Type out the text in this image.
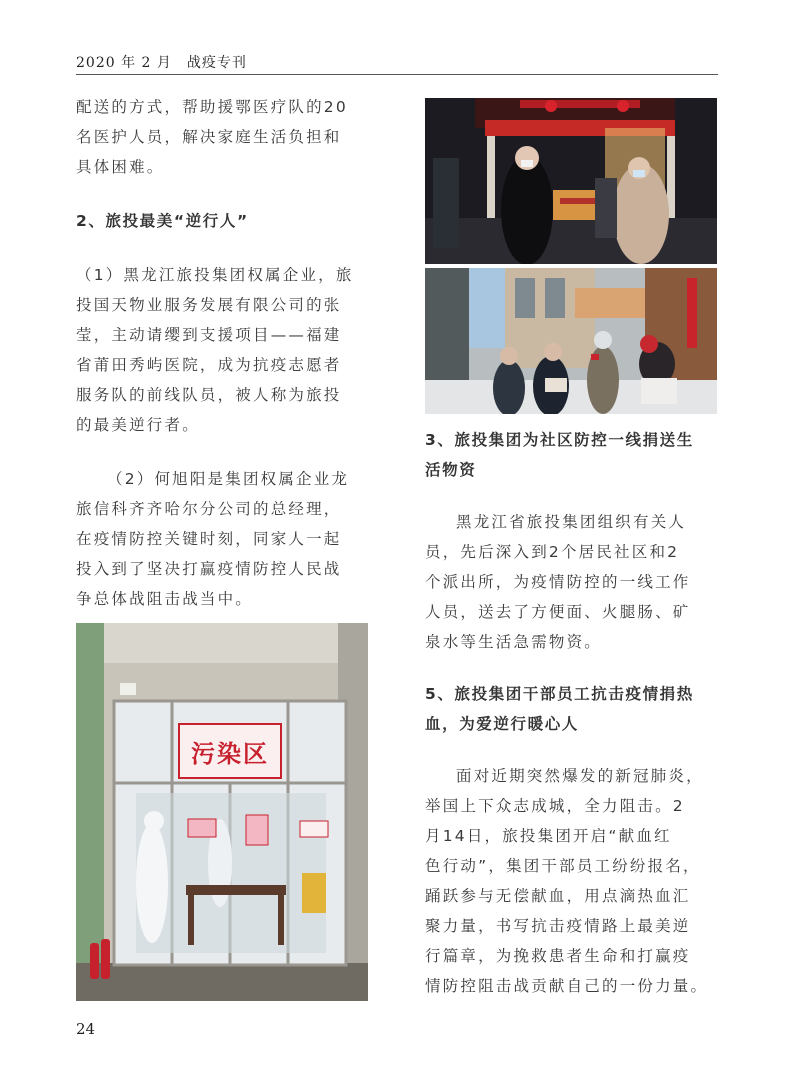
2020 年 2 月　战疫专刊
配送的方式，帮助援鄂医疗队的20
名医护人员，解决家庭生活负担和
具体困难。
2、旅投最美“逆行人”
（1）黑龙江旅投集团权属企业，旅
投国天物业服务发展有限公司的张
莹，主动请缨到支援项目——福建
省莆田秀屿医院，成为抗疫志愿者
服务队的前线队员，被人称为旅投
的最美逆行者。
（2）何旭阳是集团权属企业龙
旅信科齐齐哈尔分公司的总经理，
在疫情防控关键时刻，同家人一起
投入到了坚决打赢疫情防控人民战
争总体战阻击战当中。
3、旅投集团为社区防控一线捐送生
活物资
黑龙江省旅投集团组织有关人
员，先后深入到2个居民社区和2
个派出所，为疫情防控的一线工作
人员，送去了方便面、火腿肠、矿
泉水等生活急需物资。
5、旅投集团干部员工抗击疫情捐热
血，为爱逆行暖心人
面对近期突然爆发的新冠肺炎，
举国上下众志成城，全力阻击。2
月14日，旅投集团开启“献血红
色行动”，集团干部员工纷纷报名，
踊跃参与无偿献血，用点滴热血汇
聚力量，书写抗击疫情路上最美逆
行篇章，为挽救患者生命和打赢疫
情防控阻击战贡献自己的一份力量。
污染区
24
